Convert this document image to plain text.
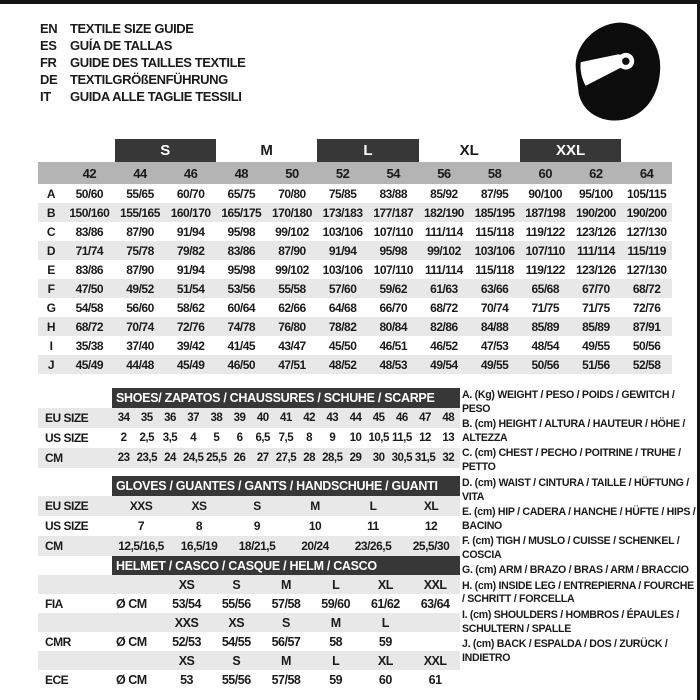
EN TEXTILE SIZE GUIDE
ES	GUÍA DE TALLAS
FR	GUIDE DES TAILLES TEXTILE
DE TEXTILGRÖßENFÜHRUNG
IT	GUIDA ALLE TAGLIE TESSILI
		S		M		L		XL		XXL		
	42	44	46	48	50	52	54	56	58	60	62	64
A	50/60	55/65	60/70	65/75	70/80	75/85	83/88	85/92	87/95	90/100	95/100	105/115
B	150/160	155/165	160/170	165/175	170/180	173/183	177/187	182/190	185/195	187/198	190/200	190/200
C	83/86	87/90	91/94	95/98	99/102	103/106	107/110	111/114	115/118	119/122	123/126	127/130
D	71/74	75/78	79/82	83/86	87/90	91/94	95/98	99/102	103/106	107/110	111/114	115/119
E	83/86	87/90	91/94	95/98	99/102	103/106	107/110	111/114	115/118	119/122	123/126	127/130
F	47/50	49/52	51/54	53/56	55/58	57/60	59/62	61/63	63/66	65/68	67/70	68/72
G	54/58	56/60	58/62	60/64	62/66	64/68	66/70	68/72	70/74	71/75	71/75	72/76
H	68/72	70/74	72/76	74/78	76/80	78/82	80/84	82/86	84/88	85/89	85/89	87/91
I	35/38	37/40	39/42	41/45	43/47	45/50	46/51	46/52	47/53	48/54	49/55	50/56
J	45/49	44/48	45/49	46/50	47/51	48/52	48/53	49/54	49/55	50/56	51/56	52/58
	SHOES/ ZAPATOS / CHAUSSURES / SCHUHE / SCARPE														
EU SIZE	34	35	36	37	38	39	40	41	42	43	44	45	46	47	48
US SIZE	2	2,5	3,5	4	5	6	6,5	7,5	8	9	10	10,5	11,5	12	13
CM	23	23,5	24	24,5	25,5	26	27	27,5	28	28,5	29	30	30,5	31,5	32
	GLOVES / GUANTES / GANTS / HANDSCHUHE / GUANTI					
EU SIZE	XXS	XS	S	M	L	XL
US SIZE	7	8	9	10	11	12
CM	12,5/16,5	16,5/19	18/21,5	20/24	23/26,5	25,5/30
	HELMET / CASCO / CASQUE / HELM / CASCO						
		XS	S	M	L	XL	XXL
FIA	Ø CM	53/54	55/56	57/58	59/60	61/62	63/64
		XXS	XS	S	M	L	
CMR	Ø CM	52/53	54/55	56/57	58	59	
		XS	S	M	L	XL	XXL
ECE	Ø CM	53	55/56	57/58	59	60	61
A. (Kg) WEIGHT / PESO / POIDS / GEWITCH / PESO
B. (cm) HEIGHT / ALTURA / HAUTEUR / HÖHE / ALTEZZA
C. (cm) CHEST / PECHO / POITRINE / TRUHE / PETTO
D. (cm) WAIST / CINTURA / TAILLE / HÜFTUNG / VITA
E. (cm) HIP / CADERA / HANCHE / HÜFTE / HIPS / BACINO
F. (cm) TIGH / MUSLO / CUISSE / SCHENKEL / COSCIA
G. (cm) ARM / BRAZO / BRAS / ARM / BRACCIO
H. (cm) INSIDE LEG / ENTREPIERNA / FOURCHE / SCHRITT / FORCELLA
I. (cm) SHOULDERS / HOMBROS / ÉPAULES / SCHULTERN / SPALLE
J. (cm) BACK / ESPALDA / DOS / ZURÜCK / INDIETRO
